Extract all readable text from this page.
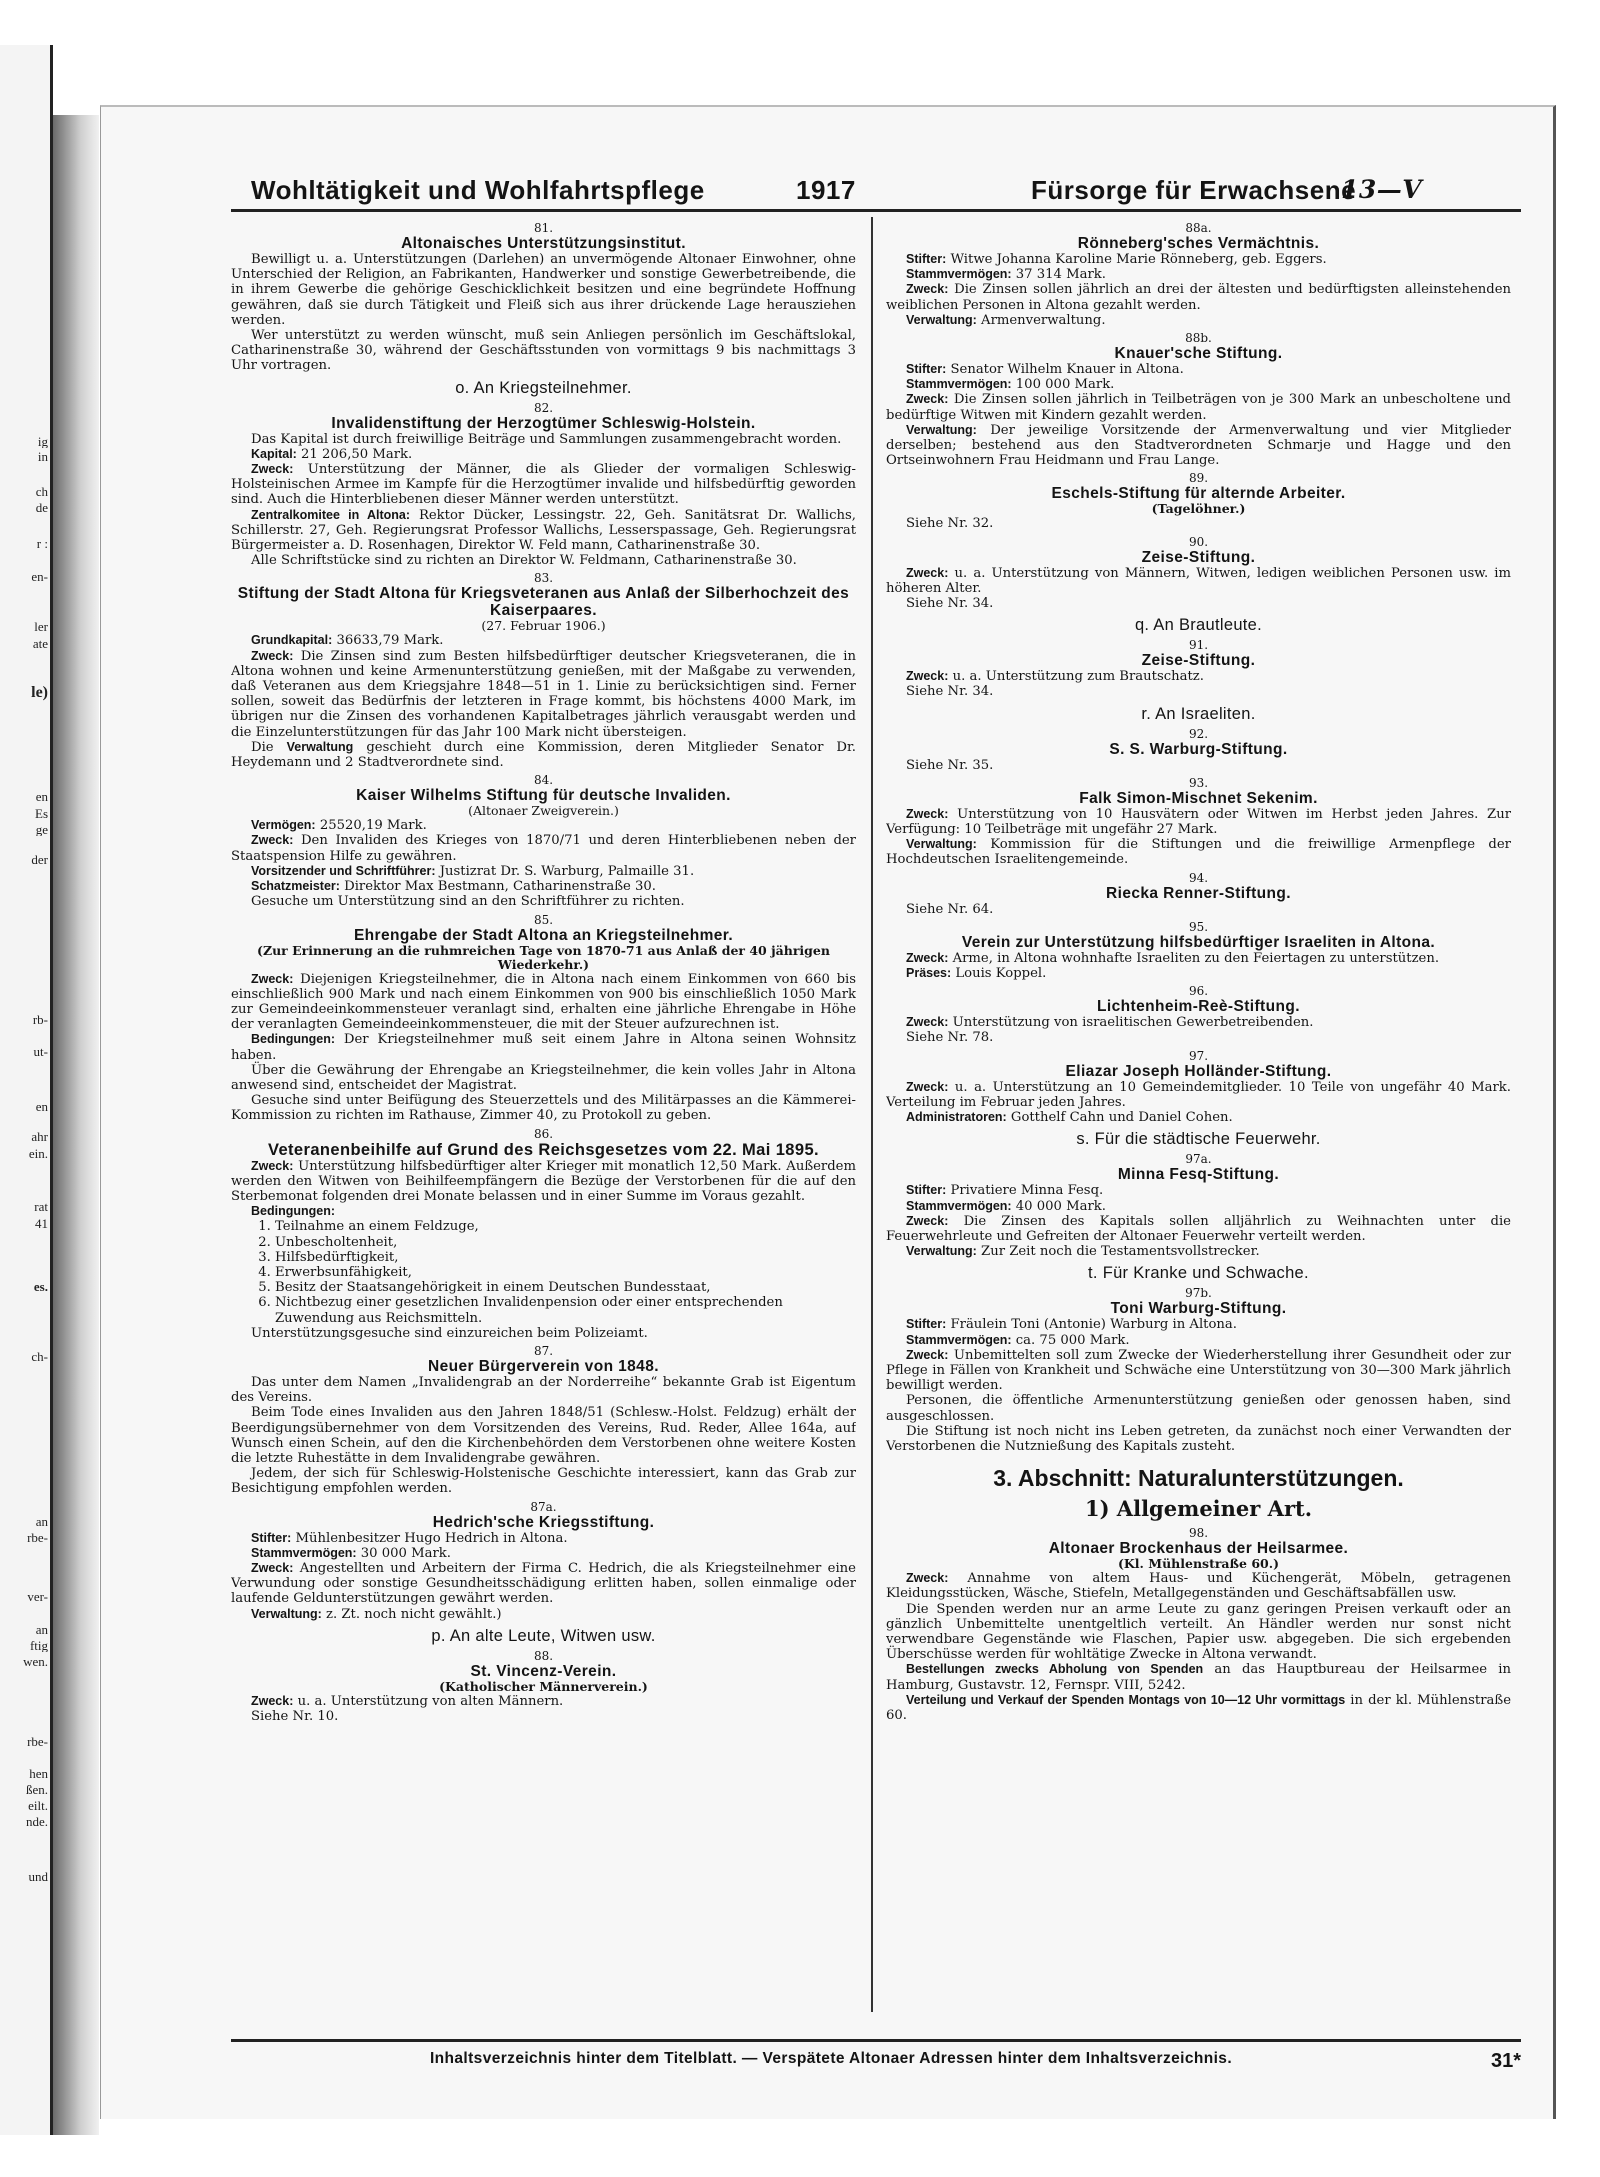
ig
in
ch
de
r :
en-
ler
ate
le)
en
Es
ge
der
rb-
ut-
en
ahr
ein.
rat
41
es.
ch-
an
rbe-
ver-
an
ftig
wen.
rbe-
hen
ßen.
eilt.
nde.
und
Wohltätigkeit und Wohlfahrtspflege	1917	Fürsorge für Erwachsene
13—V
81.
Altonaisches Unterstützungsinstitut.

Bewilligt u. a. Unterstützungen (Darlehen) an unvermögende Altonaer Einwohner, ohne Unterschied der Religion, an Fabrikanten, Handwerker und sonstige Gewerbetreibende, die in ihrem Gewerbe die gehörige Geschicklichkeit besitzen und eine begründete Hoffnung gewähren, daß sie durch Tätigkeit und Fleiß sich aus ihrer drückende Lage herausziehen werden.

Wer unterstützt zu werden wünscht, muß sein Anliegen persönlich im Geschäftslokal, Catharinenstraße 30, während der Geschäftsstunden von vormittags 9 bis nachmittags 3 Uhr vortragen.

o. An Kriegsteilnehmer.
82.
Invalidenstiftung der Herzogtümer Schleswig-Holstein.

Das Kapital ist durch freiwillige Beiträge und Sammlungen zusammengebracht worden.

Kapital: 21 206,50 Mark.

Zweck: Unterstützung der Männer, die als Glieder der vormaligen Schleswig-Holsteinischen Armee im Kampfe für die Herzogtümer invalide und hilfsbedürftig geworden sind. Auch die Hinterbliebenen dieser Männer werden unterstützt.

Zentralkomitee in Altona: Rektor Dücker, Lessingstr. 22, Geh. Sanitätsrat Dr. Wallichs, Schillerstr. 27, Geh. Regierungsrat Professor Wallichs, Lesserspassage, Geh. Regierungsrat Bürgermeister a. D. Rosenhagen, Direktor W. Feld mann, Catharinenstraße 30.

Alle Schriftstücke sind zu richten an Direktor W. Feldmann, Catharinenstraße 30.

83.
Stiftung der Stadt Altona für Kriegsveteranen aus Anlaß der Silberhochzeit des Kaiserpaares.
(27. Februar 1906.)

Grundkapital: 36633,79 Mark.

Zweck: Die Zinsen sind zum Besten hilfsbedürftiger deutscher Kriegsveteranen, die in Altona wohnen und keine Armenunterstützung genießen, mit der Maßgabe zu verwenden, daß Veteranen aus dem Kriegsjahre 1848—51 in 1. Linie zu berücksichtigen sind. Ferner sollen, soweit das Bedürfnis der letzteren in Frage kommt, bis höchstens 4000 Mark, im übrigen nur die Zinsen des vorhandenen Kapitalbetrages jährlich verausgabt werden und die Einzelunterstützungen für das Jahr 100 Mark nicht übersteigen.

Die Verwaltung geschieht durch eine Kommission, deren Mitglieder Senator Dr. Heydemann und 2 Stadtverordnete sind.

84.
Kaiser Wilhelms Stiftung für deutsche Invaliden.
(Altonaer Zweigverein.)

Vermögen: 25520,19 Mark.

Zweck: Den Invaliden des Krieges von 1870/71 und deren Hinterbliebenen neben der Staatspension Hilfe zu gewähren.

Vorsitzender und Schriftführer: Justizrat Dr. S. Warburg, Palmaille 31.

Schatzmeister: Direktor Max Bestmann, Catharinenstraße 30.

Gesuche um Unterstützung sind an den Schriftführer zu richten.

85.
Ehrengabe der Stadt Altona an Kriegsteilnehmer.
(Zur Erinnerung an die ruhmreichen Tage von 1870-71 aus Anlaß der 40 jährigen Wiederkehr.)

Zweck: Diejenigen Kriegsteilnehmer, die in Altona nach einem Einkommen von 660 bis einschließlich 900 Mark und nach einem Einkommen von 900 bis einschließlich 1050 Mark zur Gemeindeeinkommensteuer veranlagt sind, erhalten eine jährliche Ehrengabe in Höhe der veranlagten Gemeindeeinkommensteuer, die mit der Steuer aufzurechnen ist.

Bedingungen: Der Kriegsteilnehmer muß seit einem Jahre in Altona seinen Wohnsitz haben.

Über die Gewährung der Ehrengabe an Kriegsteilnehmer, die kein volles Jahr in Altona anwesend sind, entscheidet der Magistrat.

Gesuche sind unter Beifügung des Steuerzettels und des Militärpasses an die Kämmerei-Kommission zu richten im Rathause, Zimmer 40, zu Protokoll zu geben.

86.
Veteranenbeihilfe auf Grund des Reichsgesetzes vom 22. Mai 1895.

Zweck: Unterstützung hilfsbedürftiger alter Krieger mit monatlich 12,50 Mark. Außerdem werden den Witwen von Beihilfeempfängern die Bezüge der Verstorbenen für die auf den Sterbemonat folgenden drei Monate belassen und in einer Summe im Voraus gezahlt.

Bedingungen:

1. Teilnahme an einem Feldzuge,
2. Unbescholtenheit,
3. Hilfsbedürftigkeit,
4. Erwerbsunfähigkeit,
5. Besitz der Staatsangehörigkeit in einem Deutschen Bundesstaat,
6. Nichtbezug einer gesetzlichen Invalidenpension oder einer entsprechenden Zuwendung aus Reichsmitteln.

Unterstützungsgesuche sind einzureichen beim Polizeiamt.

87.
Neuer Bürgerverein von 1848.

Das unter dem Namen „Invalidengrab an der Norderreihe“ bekannte Grab ist Eigentum des Vereins.

Beim Tode eines Invaliden aus den Jahren 1848/51 (Schlesw.-Holst. Feldzug) erhält der Beerdigungsübernehmer von dem Vorsitzenden des Vereins, Rud. Reder, Allee 164a, auf Wunsch einen Schein, auf den die Kirchenbehörden dem Verstorbenen ohne weitere Kosten die letzte Ruhestätte in dem Invalidengrabe gewähren.

Jedem, der sich für Schleswig-Holstenische Geschichte interessiert, kann das Grab zur Besichtigung empfohlen werden.

87a.
Hedrich'sche Kriegsstiftung.

Stifter: Mühlenbesitzer Hugo Hedrich in Altona.

Stammvermögen: 30 000 Mark.

Zweck: Angestellten und Arbeitern der Firma C. Hedrich, die als Kriegsteilnehmer eine Verwundung oder sonstige Gesundheitsschädigung erlitten haben, sollen einmalige oder laufende Geldunterstützungen gewährt werden.

Verwaltung: z. Zt. noch nicht gewählt.)

p. An alte Leute, Witwen usw.
88.
St. Vincenz-Verein.
(Katholischer Männerverein.)

Zweck: u. a. Unterstützung von alten Männern.

Siehe Nr. 10.

88a.
Rönneberg'sches Vermächtnis.

Stifter: Witwe Johanna Karoline Marie Rönneberg, geb. Eggers.

Stammvermögen: 37 314 Mark.

Zweck: Die Zinsen sollen jährlich an drei der ältesten und bedürftigsten alleinstehenden weiblichen Personen in Altona gezahlt werden.

Verwaltung: Armenverwaltung.

88b.
Knauer'sche Stiftung.

Stifter: Senator Wilhelm Knauer in Altona.

Stammvermögen: 100 000 Mark.

Zweck: Die Zinsen sollen jährlich in Teilbeträgen von je 300 Mark an unbescholtene und bedürftige Witwen mit Kindern gezahlt werden.

Verwaltung: Der jeweilige Vorsitzende der Armenverwaltung und vier Mitglieder derselben; bestehend aus den Stadtverordneten Schmarje und Hagge und den Ortseinwohnern Frau Heidmann und Frau Lange.

89.
Eschels-Stiftung für alternde Arbeiter.
(Tagelöhner.)

Siehe Nr. 32.

90.
Zeise-Stiftung.

Zweck: u. a. Unterstützung von Männern, Witwen, ledigen weiblichen Personen usw. im höheren Alter.

Siehe Nr. 34.

q. An Brautleute.
91.
Zeise-Stiftung.

Zweck: u. a. Unterstützung zum Brautschatz.

Siehe Nr. 34.

r. An Israeliten.
92.
S. S. Warburg-Stiftung.

Siehe Nr. 35.

93.
Falk Simon-Mischnet Sekenim.

Zweck: Unterstützung von 10 Hausvätern oder Witwen im Herbst jeden Jahres. Zur Verfügung: 10 Teilbeträge mit ungefähr 27 Mark.

Verwaltung: Kommission für die Stiftungen und die freiwillige Armenpflege der Hochdeutschen Israelitengemeinde.

94.
Riecka Renner-Stiftung.

Siehe Nr. 64.

95.
Verein zur Unterstützung hilfsbedürftiger Israeliten in Altona.

Zweck: Arme, in Altona wohnhafte Israeliten zu den Feiertagen zu unterstützen.

Präses: Louis Koppel.

96.
Lichtenheim-Reè-Stiftung.

Zweck: Unterstützung von israelitischen Gewerbetreibenden.

Siehe Nr. 78.

97.
Eliazar Joseph Holländer-Stiftung.

Zweck: u. a. Unterstützung an 10 Gemeindemitglieder. 10 Teile von ungefähr 40 Mark. Verteilung im Februar jeden Jahres.

Administratoren: Gotthelf Cahn und Daniel Cohen.

s. Für die städtische Feuerwehr.
97a.
Minna Fesq-Stiftung.

Stifter: Privatiere Minna Fesq.

Stammvermögen: 40 000 Mark.

Zweck: Die Zinsen des Kapitals sollen alljährlich zu Weihnachten unter die Feuerwehrleute und Gefreiten der Altonaer Feuerwehr verteilt werden.

Verwaltung: Zur Zeit noch die Testamentsvollstrecker.

t. Für Kranke und Schwache.
97b.
Toni Warburg-Stiftung.

Stifter: Fräulein Toni (Antonie) Warburg in Altona.

Stammvermögen: ca. 75 000 Mark.

Zweck: Unbemittelten soll zum Zwecke der Wiederherstellung ihrer Gesundheit oder zur Pflege in Fällen von Krankheit und Schwäche eine Unterstützung von 30—300 Mark jährlich bewilligt werden.

Personen, die öffentliche Armenunterstützung genießen oder genossen haben, sind ausgeschlossen.

Die Stiftung ist noch nicht ins Leben getreten, da zunächst noch einer Verwandten der Verstorbenen die Nutznießung des Kapitals zusteht.

3. Abschnitt: Naturalunterstützungen.
1) Allgemeiner Art.
98.
Altonaer Brockenhaus der Heilsarmee.
(Kl. Mühlenstraße 60.)

Zweck: Annahme von altem Haus- und Küchengerät, Möbeln, getragenen Kleidungsstücken, Wäsche, Stiefeln, Metallgegenständen und Geschäftsabfällen usw.

Die Spenden werden nur an arme Leute zu ganz geringen Preisen verkauft oder an gänzlich Unbemittelte unentgeltlich verteilt. An Händler werden nur sonst nicht verwendbare Gegenstände wie Flaschen, Papier usw. abgegeben. Die sich ergebenden Überschüsse werden für wohltätige Zwecke in Altona verwandt.

Bestellungen zwecks Abholung von Spenden an das Hauptbureau der Heilsarmee in Hamburg, Gustavstr. 12, Fernspr. VIII, 5242.

Verteilung und Verkauf der Spenden Montags von 10—12 Uhr vormittags in der kl. Mühlenstraße 60.

Inhaltsverzeichnis hinter dem Titelblatt. — Verspätete Altonaer Adressen hinter dem Inhaltsverzeichnis.	31*
